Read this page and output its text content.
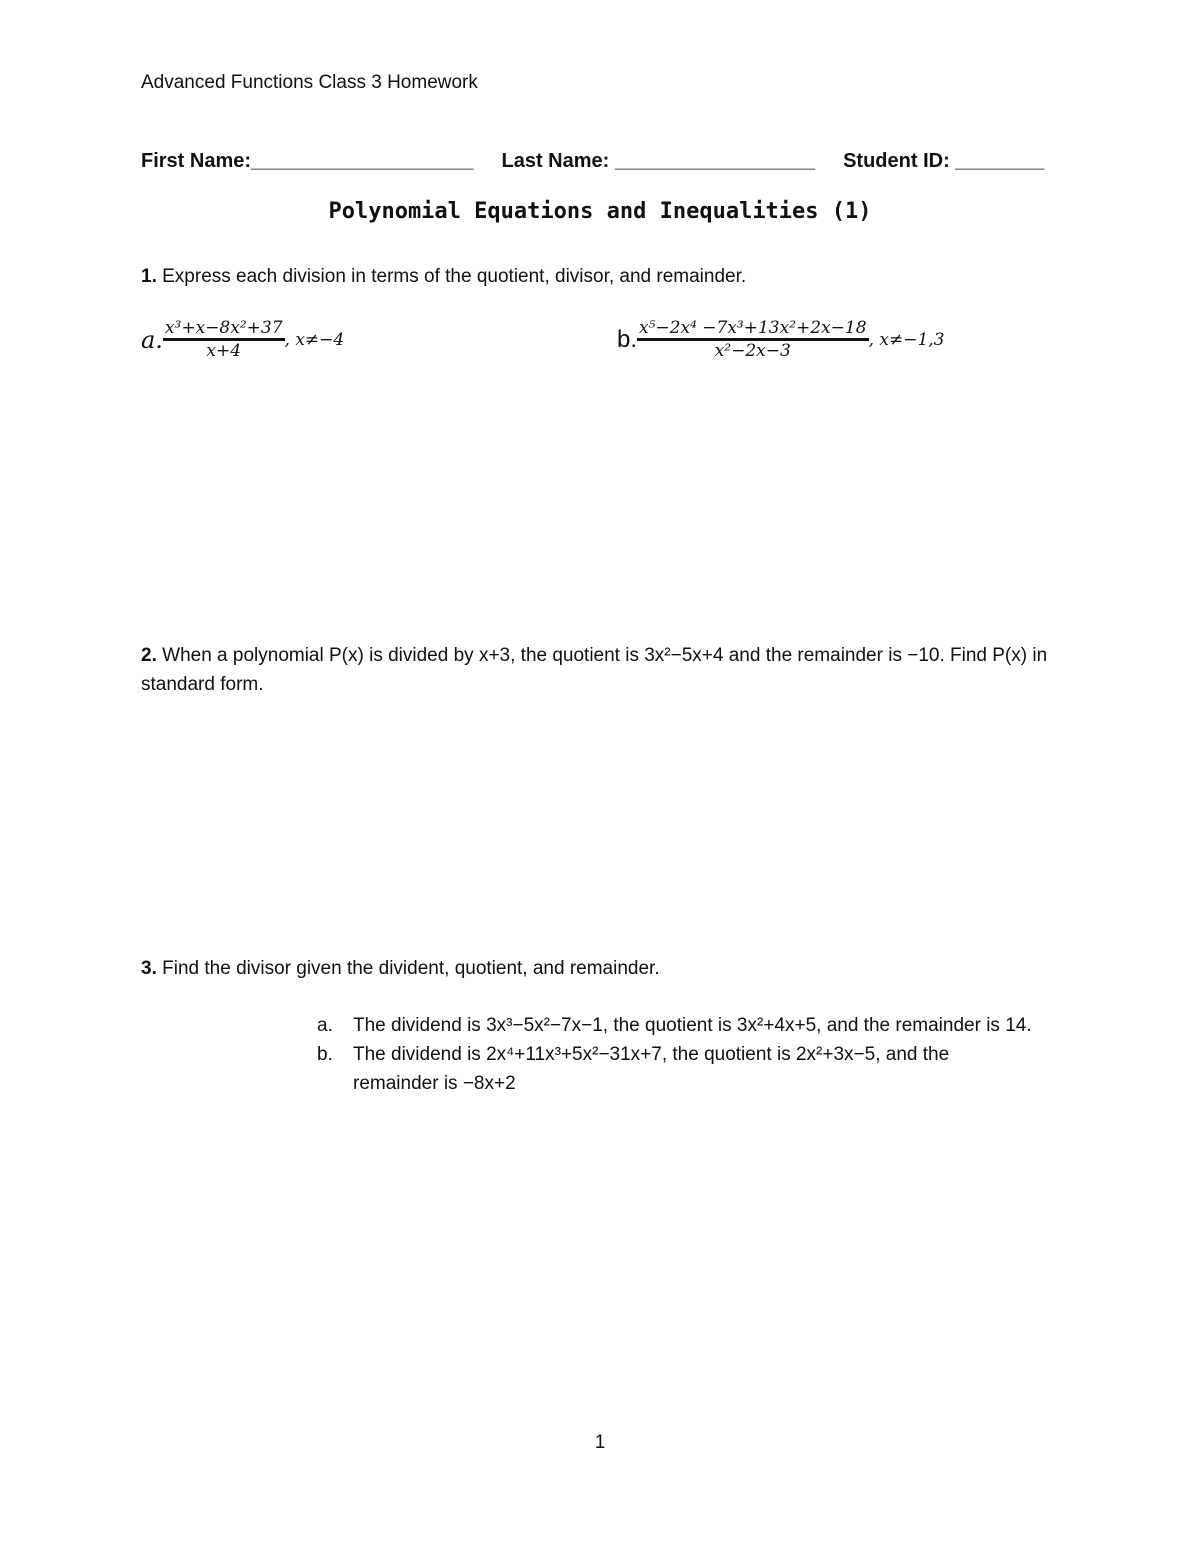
Advanced Functions Class 3 Homework
First Name:____________________ Last Name: __________________ Student ID: ________
Polynomial Equations and Inequalities (1)
1. Express each division in terms of the quotient, divisor, and remainder.
a. $\frac{\text{x³+x−8x²+37}}{x+4}$ , x≠−4	b. $\frac{\text{x⁵−2x⁴ −7x³+13x²+2x−18}}{\text{x²−2x−3}}$ , x≠−1,3
2. When a polynomial P(x) is divided by x+3, the quotient is 3x²−5x+4 and the remainder is −10. Find P(x) in standard form.
3. Find the divisor given the divident, quotient, and remainder.
a. The dividend is 3x³−5x²−7x−1, the quotient is 3x²+4x+5, and the remainder is 14.
b. The dividend is 2x⁴+11x³+5x²−31x+7, the quotient is 2x²+3x−5, and the
remainder is −8x+2
1
